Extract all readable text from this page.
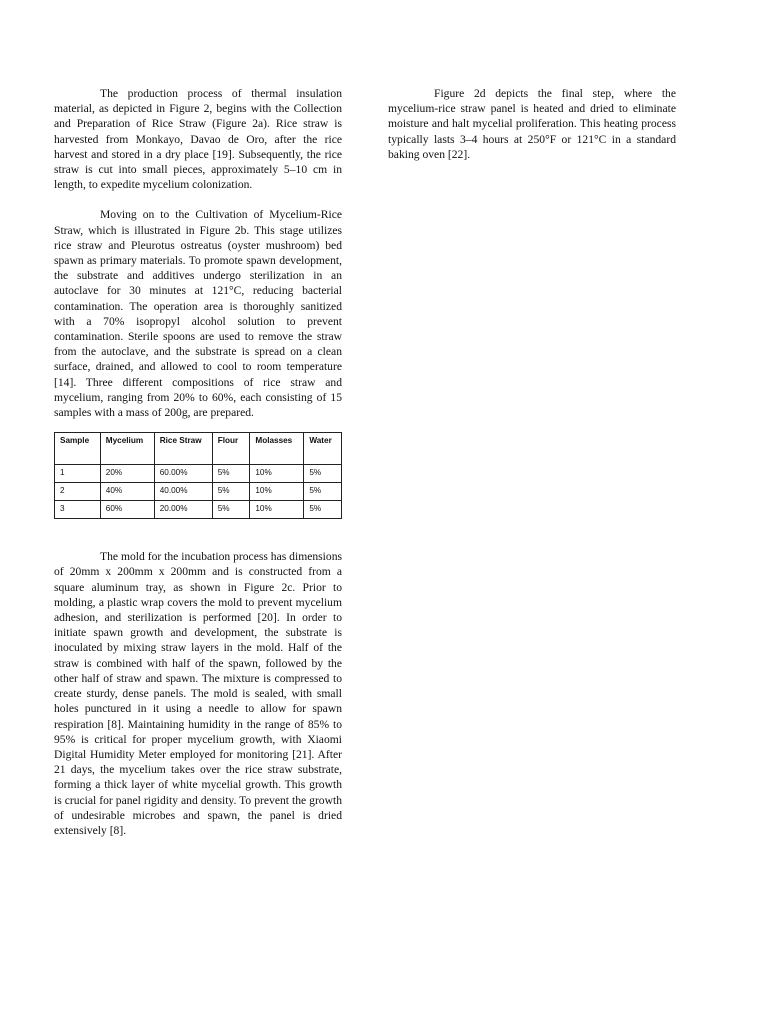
The production process of thermal insulation material, as depicted in Figure 2, begins with the Collection and Preparation of Rice Straw (Figure 2a). Rice straw is harvested from Monkayo, Davao de Oro, after the rice harvest and stored in a dry place [19]. Subsequently, the rice straw is cut into small pieces, approximately 5–10 cm in length, to expedite mycelium colonization.

Moving on to the Cultivation of Mycelium-Rice Straw, which is illustrated in Figure 2b. This stage utilizes rice straw and Pleurotus ostreatus (oyster mushroom) bed spawn as primary materials. To promote spawn development, the substrate and additives undergo sterilization in an autoclave for 30 minutes at 121°C, reducing bacterial contamination. The operation area is thoroughly sanitized with a 70% isopropyl alcohol solution to prevent contamination. Sterile spoons are used to remove the straw from the autoclave, and the substrate is spread on a clean surface, drained, and allowed to cool to room temperature [14]. Three different compositions of rice straw and mycelium, ranging from 20% to 60%, each consisting of 15 samples with a mass of 200g, are prepared.

Sample	Mycelium	Rice Straw	Flour	Molasses	Water
1	20%	60.00%	5%	10%	5%
2	40%	40.00%	5%	10%	5%
3	60%	20.00%	5%	10%	5%

The mold for the incubation process has dimensions of 20mm x 200mm x 200mm and is constructed from a square aluminum tray, as shown in Figure 2c. Prior to molding, a plastic wrap covers the mold to prevent mycelium adhesion, and sterilization is performed [20]. In order to initiate spawn growth and development, the substrate is inoculated by mixing straw layers in the mold. Half of the straw is combined with half of the spawn, followed by the other half of straw and spawn. The mixture is compressed to create sturdy, dense panels. The mold is sealed, with small holes punctured in it using a needle to allow for spawn respiration [8]. Maintaining humidity in the range of 85% to 95% is critical for proper mycelium growth, with Xiaomi Digital Humidity Meter employed for monitoring [21]. After 21 days, the mycelium takes over the rice straw substrate, forming a thick layer of white mycelial growth. This growth is crucial for panel rigidity and density. To prevent the growth of undesirable microbes and spawn, the panel is dried extensively [8].

Figure 2d depicts the final step, where the mycelium-rice straw panel is heated and dried to eliminate moisture and halt mycelial proliferation. This heating process typically lasts 3–4 hours at 250°F or 121°C in a standard baking oven [22].
